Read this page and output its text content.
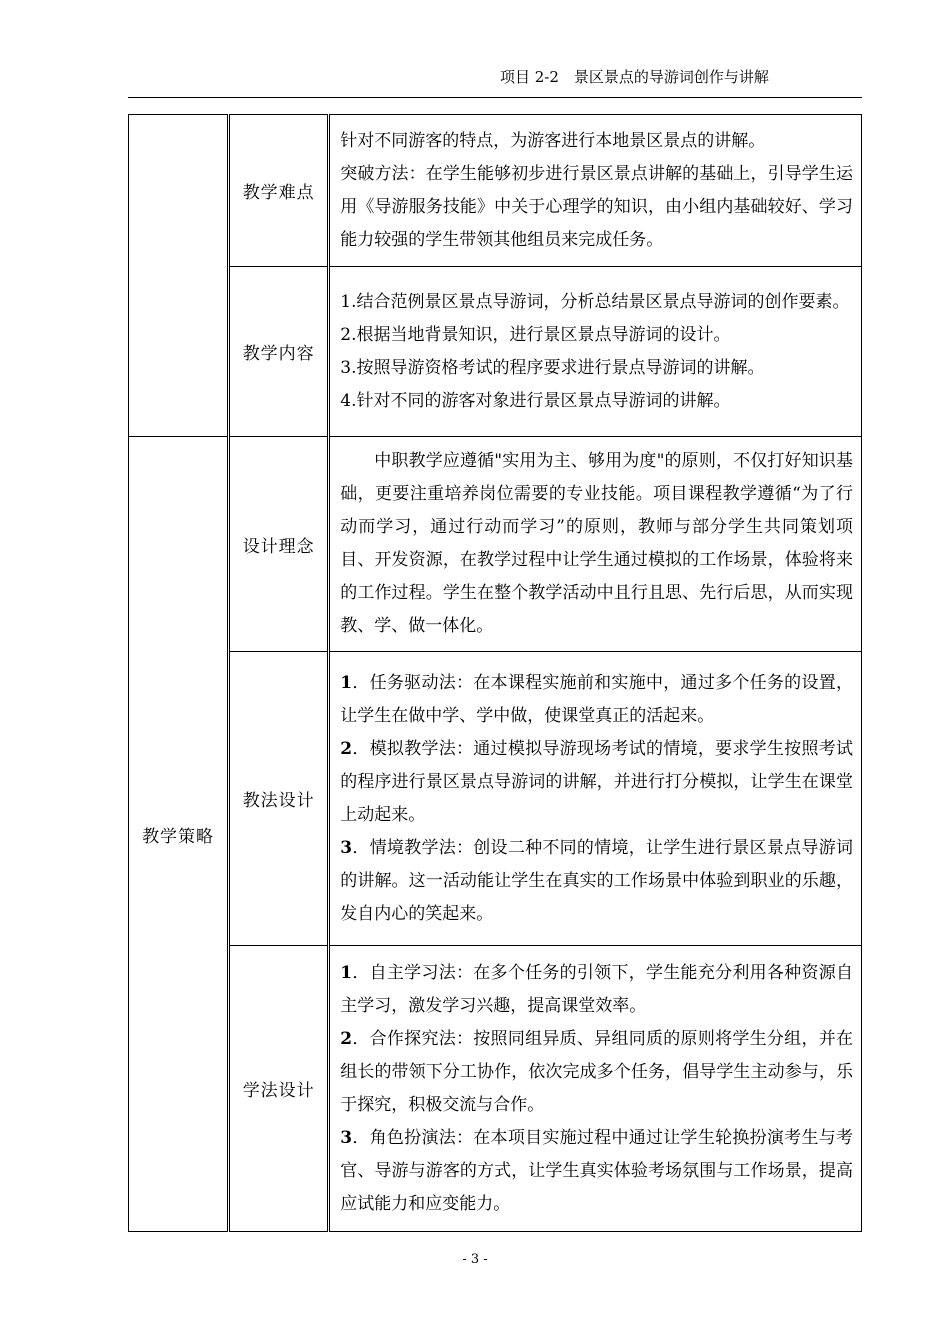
项目 2-2　景区景点的导游词创作与讲解
	教学难点	针对不同游客的特点，为游客进行本地景区景点的讲解。

突破方法：在学生能够初步进行景区景点讲解的基础上，引导学生运用《导游服务技能》中关于心理学的知识，由小组内基础较好、学习能力较强的学生带领其他组员来完成任务。

	教学内容	1.结合范例景区景点导游词，分析总结景区景点导游词的创作要素。

2.根据当地背景知识，进行景区景点导游词的设计。

3.按照导游资格考试的程序要求进行景点导游词的讲解。

4.针对不同的游客对象进行景区景点导游词的讲解。

教学策略	设计理念	中职教学应遵循"实用为主、够用为度"的原则，不仅打好知识基础，更要注重培养岗位需要的专业技能。项目课程教学遵循“为了行动而学习，通过行动而学习”的原则，教师与部分学生共同策划项目、开发资源，在教学过程中让学生通过模拟的工作场景，体验将来的工作过程。学生在整个教学活动中且行且思、先行后思，从而实现教、学、做一体化。

	教法设计	1．任务驱动法：在本课程实施前和实施中，通过多个任务的设置，让学生在做中学、学中做，使课堂真正的活起来。

2．模拟教学法：通过模拟导游现场考试的情境，要求学生按照考试的程序进行景区景点导游词的讲解，并进行打分模拟，让学生在课堂上动起来。

3．情境教学法：创设二种不同的情境，让学生进行景区景点导游词的讲解。这一活动能让学生在真实的工作场景中体验到职业的乐趣，发自内心的笑起来。

	学法设计	1．自主学习法：在多个任务的引领下，学生能充分利用各种资源自主学习，激发学习兴趣，提高课堂效率。

2．合作探究法：按照同组异质、异组同质的原则将学生分组，并在组长的带领下分工协作，依次完成多个任务，倡导学生主动参与，乐于探究，积极交流与合作。

3．角色扮演法：在本项目实施过程中通过让学生轮换扮演考生与考官、导游与游客的方式，让学生真实体验考场氛围与工作场景，提高应试能力和应变能力。

- 3 -
